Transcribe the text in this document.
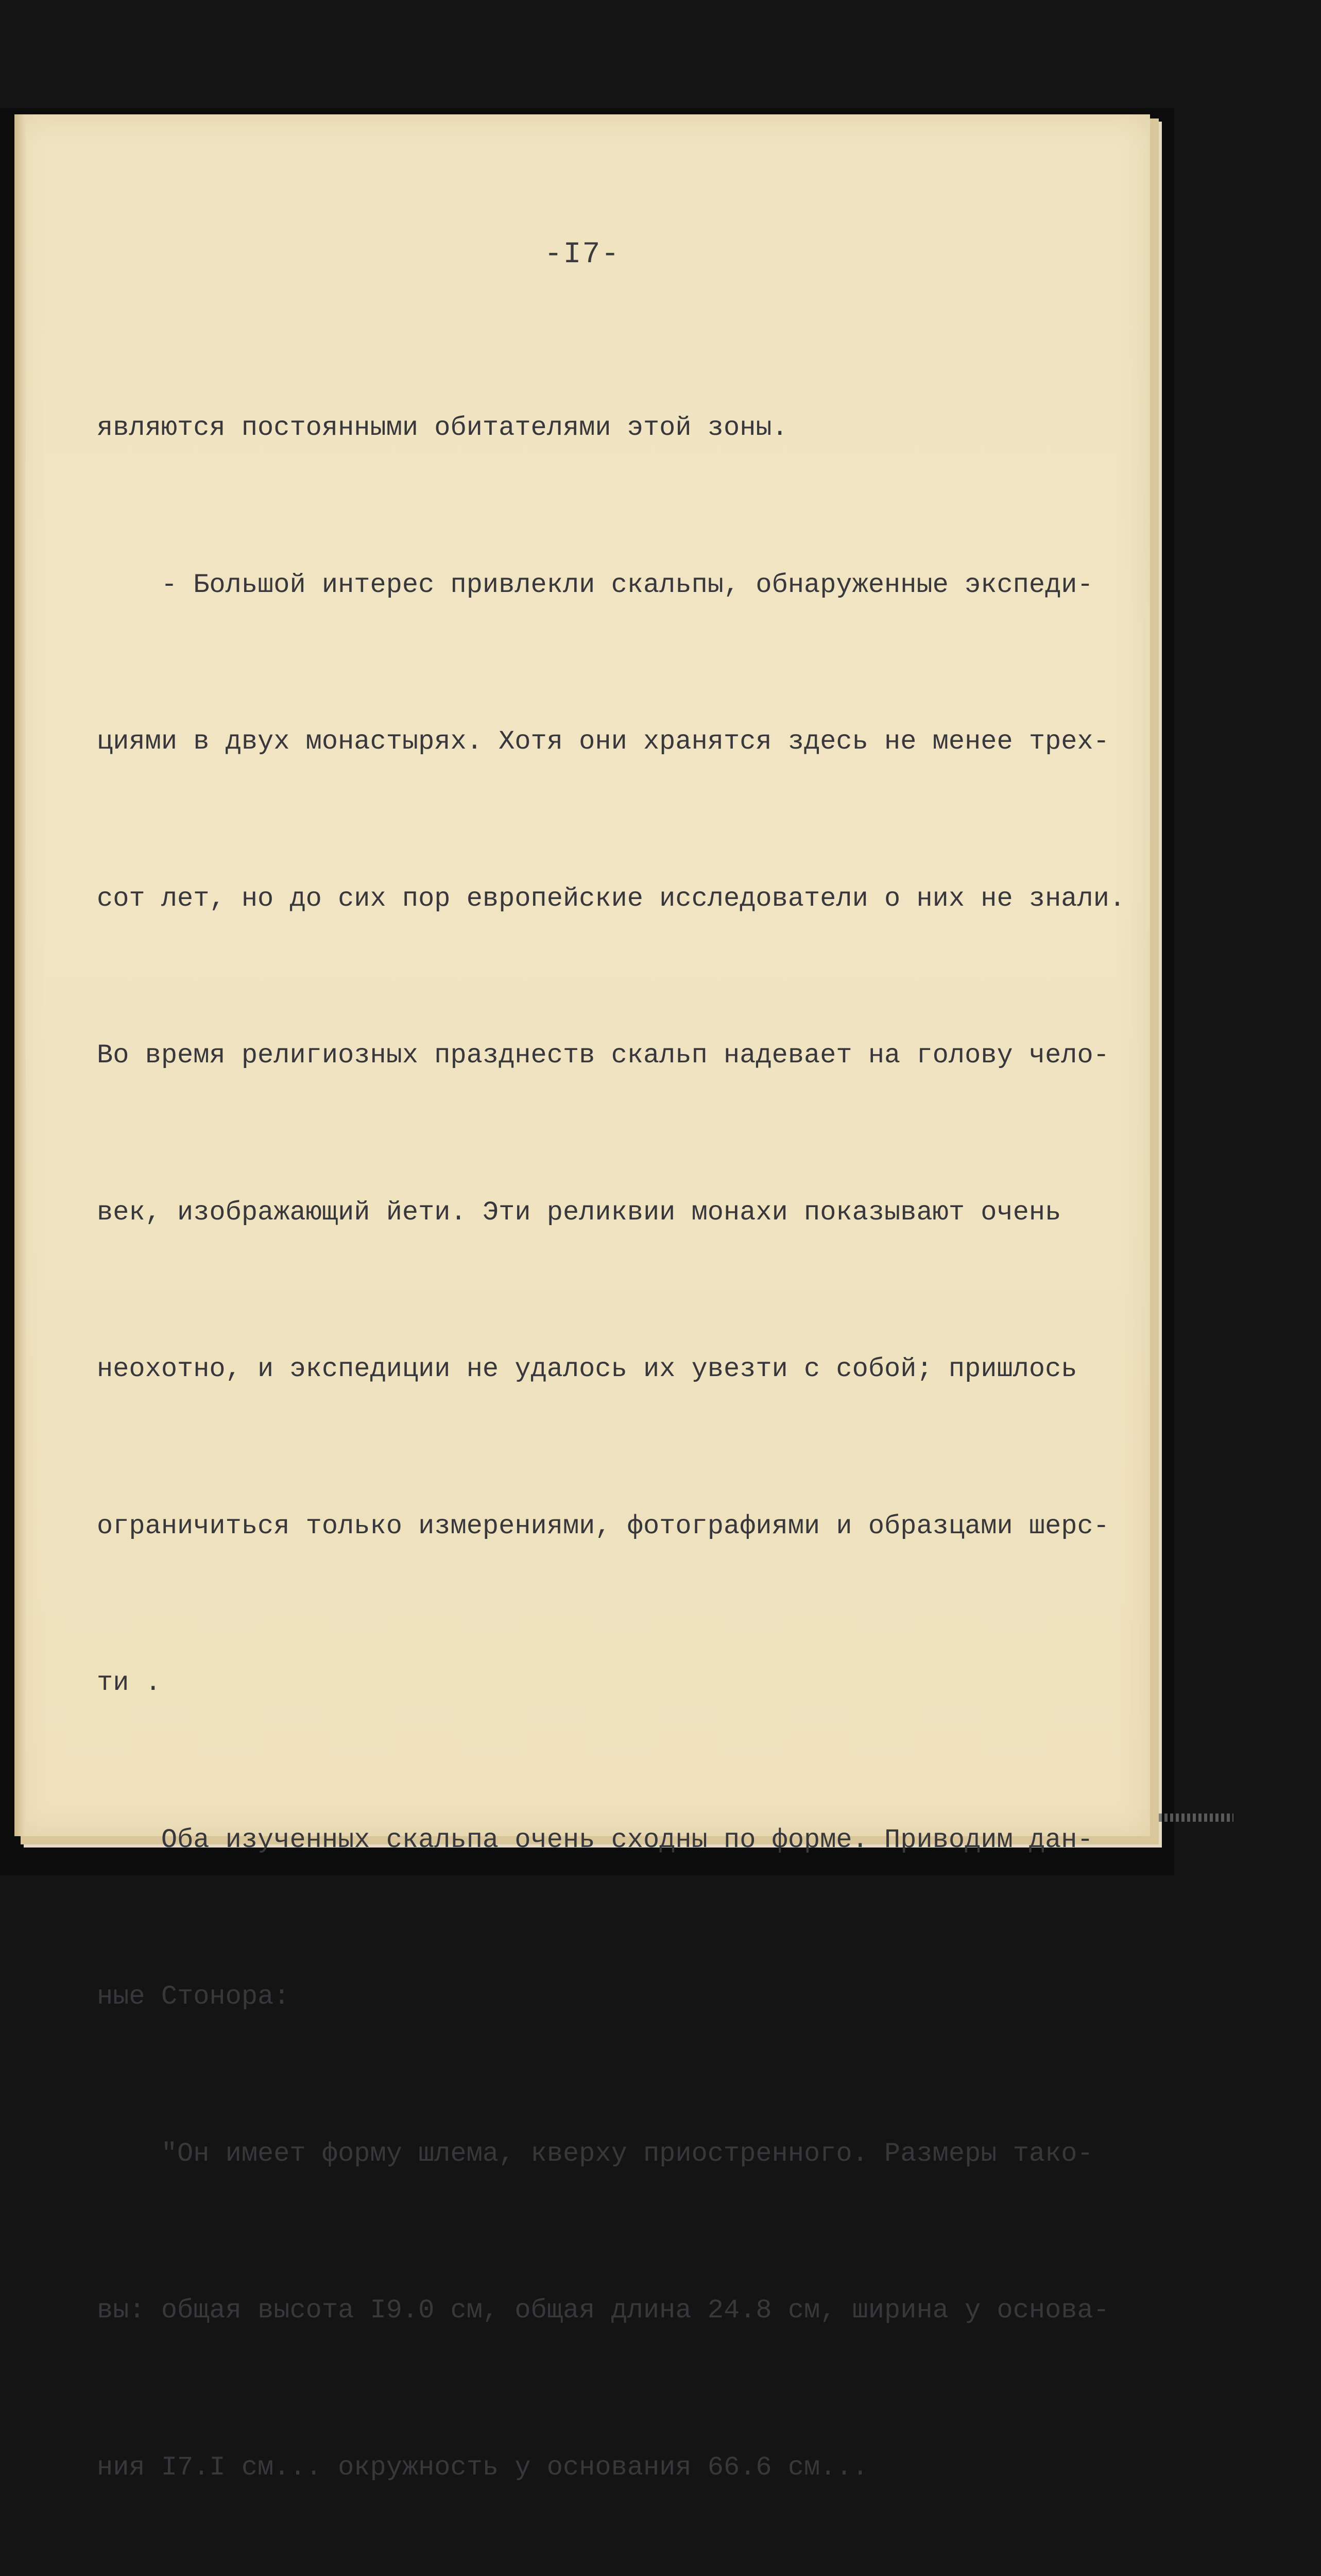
-I7-

являются постоянными обитателями этой зоны.

- Большой интерес привлекли скальпы, обнаруженные экспеди-

циями в двух монастырях. Хотя они хранятся здесь не менее трех-

сот лет, но до сих пор европейские исследователи о них не знали.

Во время религиозных празднеств скальп надевает на голову чело-

век, изображающий йети. Эти реликвии монахи показывают очень

неохотно, и экспедиции не удалось их увезти с собой; пришлось

ограничиться только измерениями, фотографиями и образцами шерс-

ти .

Оба изученных скальпа очень сходны по форме. Приводим дан-

ные Стонора:

"Он имеет форму шлема, кверху приостренного. Размеры тако-

вы: общая высота I9.0 см, общая длина 24.8 см, ширина у основа-

ния I7.I см... окружность у основания 66.6 см...
